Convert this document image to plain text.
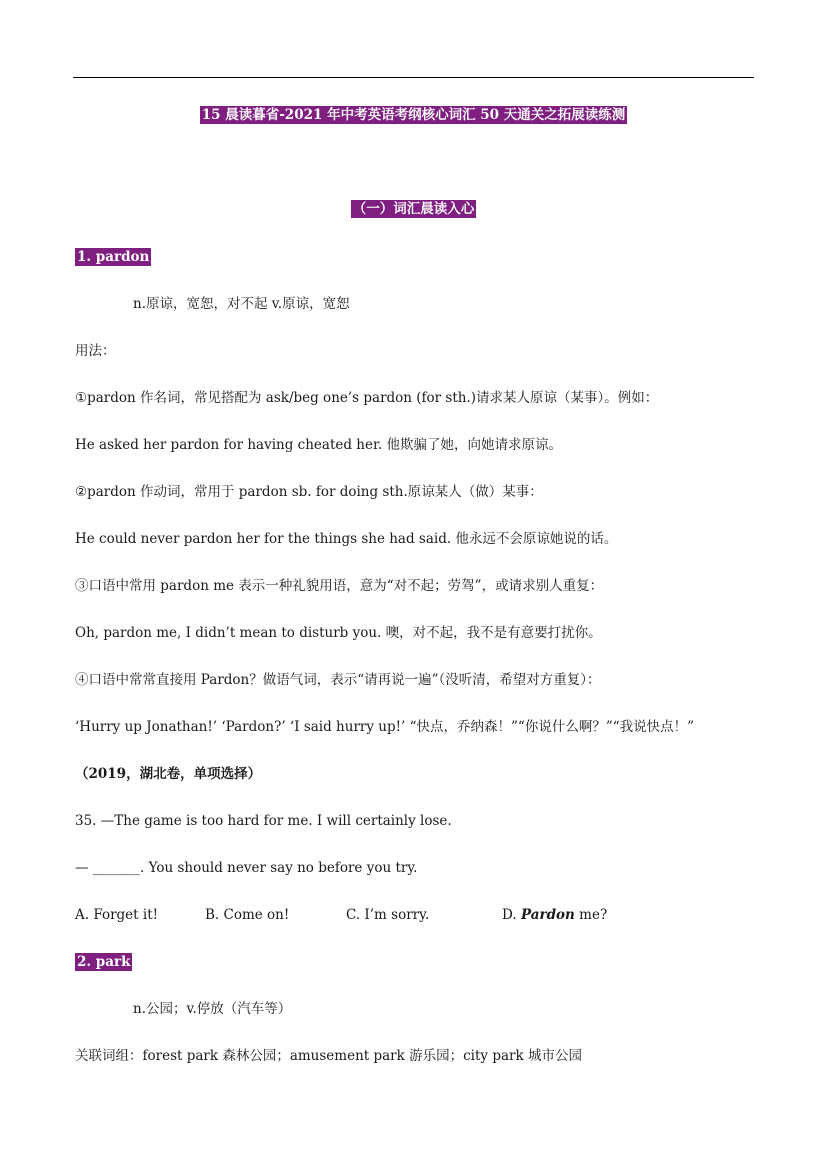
15 晨读暮省-2021 年中考英语考纲核心词汇 50 天通关之拓展读练测
（一）词汇晨读入心
1. pardon
n.原谅，宽恕，对不起 v.原谅，宽恕
用法：
①pardon 作名词，常见搭配为 ask/beg one’s pardon (for sth.)请求某人原谅（某事）。例如：
He asked her pardon for having cheated her. 他欺骗了她，向她请求原谅。
②pardon 作动词，常用于 pardon sb. for doing sth.原谅某人（做）某事：
He could never pardon her for the things she had said. 他永远不会原谅她说的话。
③口语中常用 pardon me 表示一种礼貌用语，意为“对不起；劳驾”，或请求别人重复：
Oh, pardon me, I didn’t mean to disturb you. 噢，对不起，我不是有意要打扰你。
④口语中常常直接用 Pardon？做语气词，表示“请再说一遍”（没听清，希望对方重复）：
‘Hurry up Jonathan!’ ‘Pardon?’ ‘I said hurry up!’ “快点，乔纳森！”“你说什么啊？”“我说快点！”
（2019，湖北卷，单项选择）
35. —The game is too hard for me. I will certainly lose.
— _______. You should never say no before you try.
A. Forget it!	B. Come on!	C. I’m sorry.	D. Pardon me?
2. park
n.公园；v.停放（汽车等）
关联词组：forest park 森林公园；amusement park 游乐园；city park 城市公园
